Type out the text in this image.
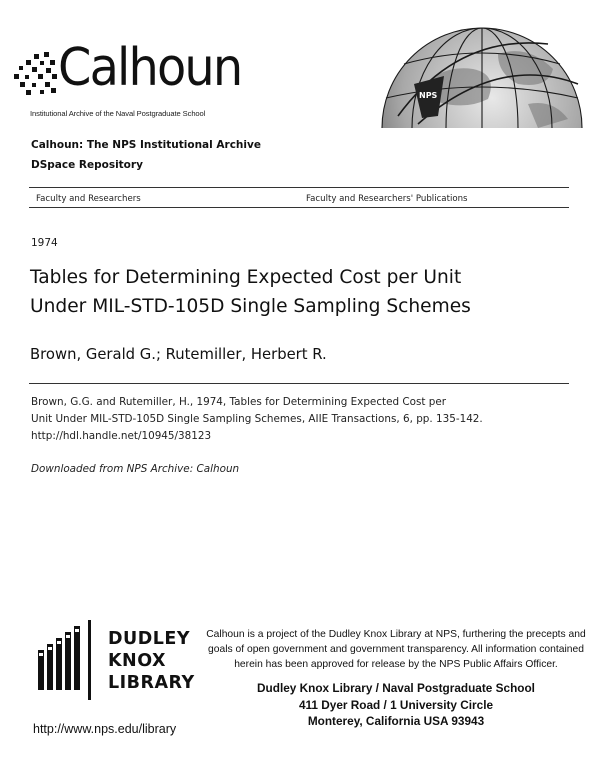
Calhoun
Institutional Archive of the Naval Postgraduate School
NPS
Calhoun: The NPS Institutional Archive
DSpace Repository
Faculty and Researchers	Faculty and Researchers' Publications
1974
Tables for Determining Expected Cost per Unit
Under MIL-STD-105D Single Sampling Schemes
Brown, Gerald G.; Rutemiller, Herbert R.
Brown, G.G. and Rutemiller, H., 1974, Tables for Determining Expected Cost per
Unit Under MIL-STD-105D Single Sampling Schemes, AIIE Transactions, 6, pp. 135-142.
http://hdl.handle.net/10945/38123
Downloaded from NPS Archive: Calhoun
DUDLEY
KNOX
LIBRARY
Calhoun is a project of the Dudley Knox Library at NPS, furthering the precepts and
goals of open government and government transparency. All information contained
herein has been approved for release by the NPS Public Affairs Officer.
Dudley Knox Library / Naval Postgraduate School
411 Dyer Road / 1 University Circle
Monterey, California USA 93943
http://www.nps.edu/library
